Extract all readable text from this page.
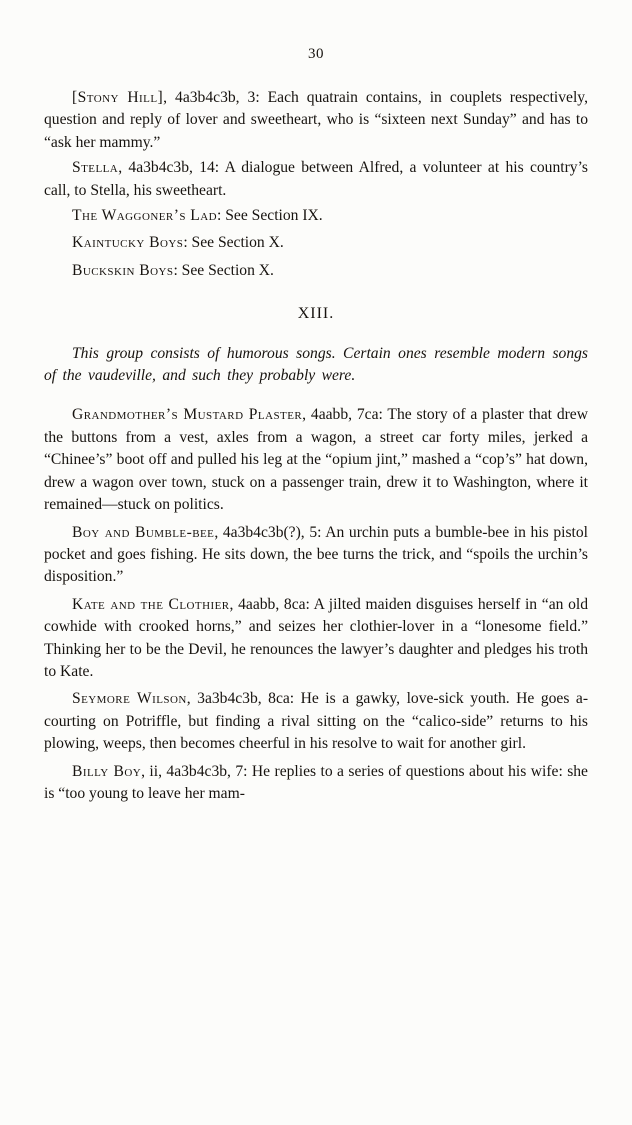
30

[Stony Hill], 4a3b4c3b, 3: Each quatrain contains, in couplets respectively, question and reply of lover and sweetheart, who is “sixteen next Sunday” and has to “ask her mammy.”

Stella, 4a3b4c3b, 14: A dialogue between Alfred, a volunteer at his country’s call, to Stella, his sweetheart.

The Waggoner’s Lad: See Section IX.

Kaintucky Boys: See Section X.

Buckskin Boys: See Section X.

XIII.

This group consists of humorous songs. Certain ones resemble modern songs of the vaudeville, and such they probably were.

Grandmother’s Mustard Plaster, 4aabb, 7ca: The story of a plaster that drew the buttons from a vest, axles from a wagon, a street car forty miles, jerked a “Chinee’s” boot off and pulled his leg at the “opium jint,” mashed a “cop’s” hat down, drew a wagon over town, stuck on a passenger train, drew it to Washington, where it remained—stuck on politics.

Boy and Bumble-bee, 4a3b4c3b(?), 5: An urchin puts a bumble-bee in his pistol pocket and goes fishing. He sits down, the bee turns the trick, and “spoils the urchin’s disposition.”

Kate and the Clothier, 4aabb, 8ca: A jilted maiden disguises herself in “an old cowhide with crooked horns,” and seizes her clothier-lover in a “lonesome field.” Thinking her to be the Devil, he renounces the lawyer’s daughter and pledges his troth to Kate.

Seymore Wilson, 3a3b4c3b, 8ca: He is a gawky, love-sick youth. He goes a-courting on Potriffle, but finding a rival sitting on the “calico-side” returns to his plowing, weeps, then becomes cheerful in his resolve to wait for another girl.

Billy Boy, ii, 4a3b4c3b, 7: He replies to a series of questions about his wife: she is “too young to leave her mam-
